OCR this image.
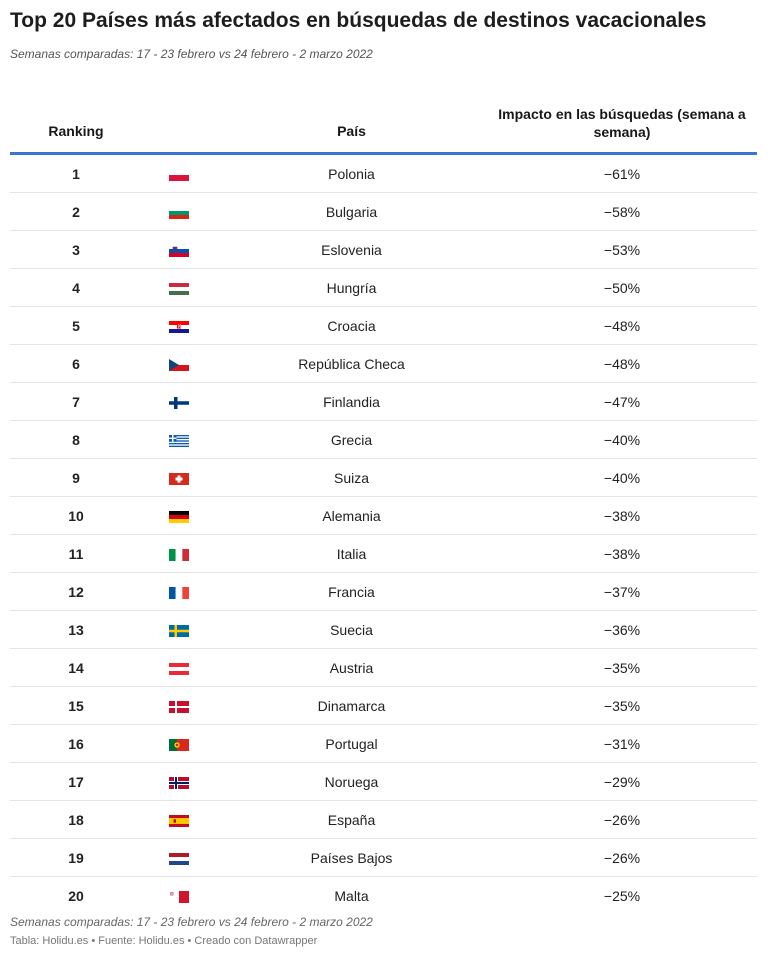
Top 20 Países más afectados en búsquedas de destinos vacacionales
Semanas comparadas: 17 - 23 febrero vs 24 febrero - 2 marzo 2022
Ranking		País	Impacto en las búsquedas (semana a semana)
1		Polonia	−61%
2		Bulgaria	−58%
3		Eslovenia	−53%
4		Hungría	−50%
5		Croacia	−48%
6		República Checa	−48%
7		Finlandia	−47%
8		Grecia	−40%
9		Suiza	−40%
10		Alemania	−38%
11		Italia	−38%
12		Francia	−37%
13		Suecia	−36%
14		Austria	−35%
15		Dinamarca	−35%
16		Portugal	−31%
17		Noruega	−29%
18		España	−26%
19		Países Bajos	−26%
20		Malta	−25%
Semanas comparadas: 17 - 23 febrero vs 24 febrero - 2 marzo 2022
Tabla: Holidu.es • Fuente: Holidu.es • Creado con Datawrapper
